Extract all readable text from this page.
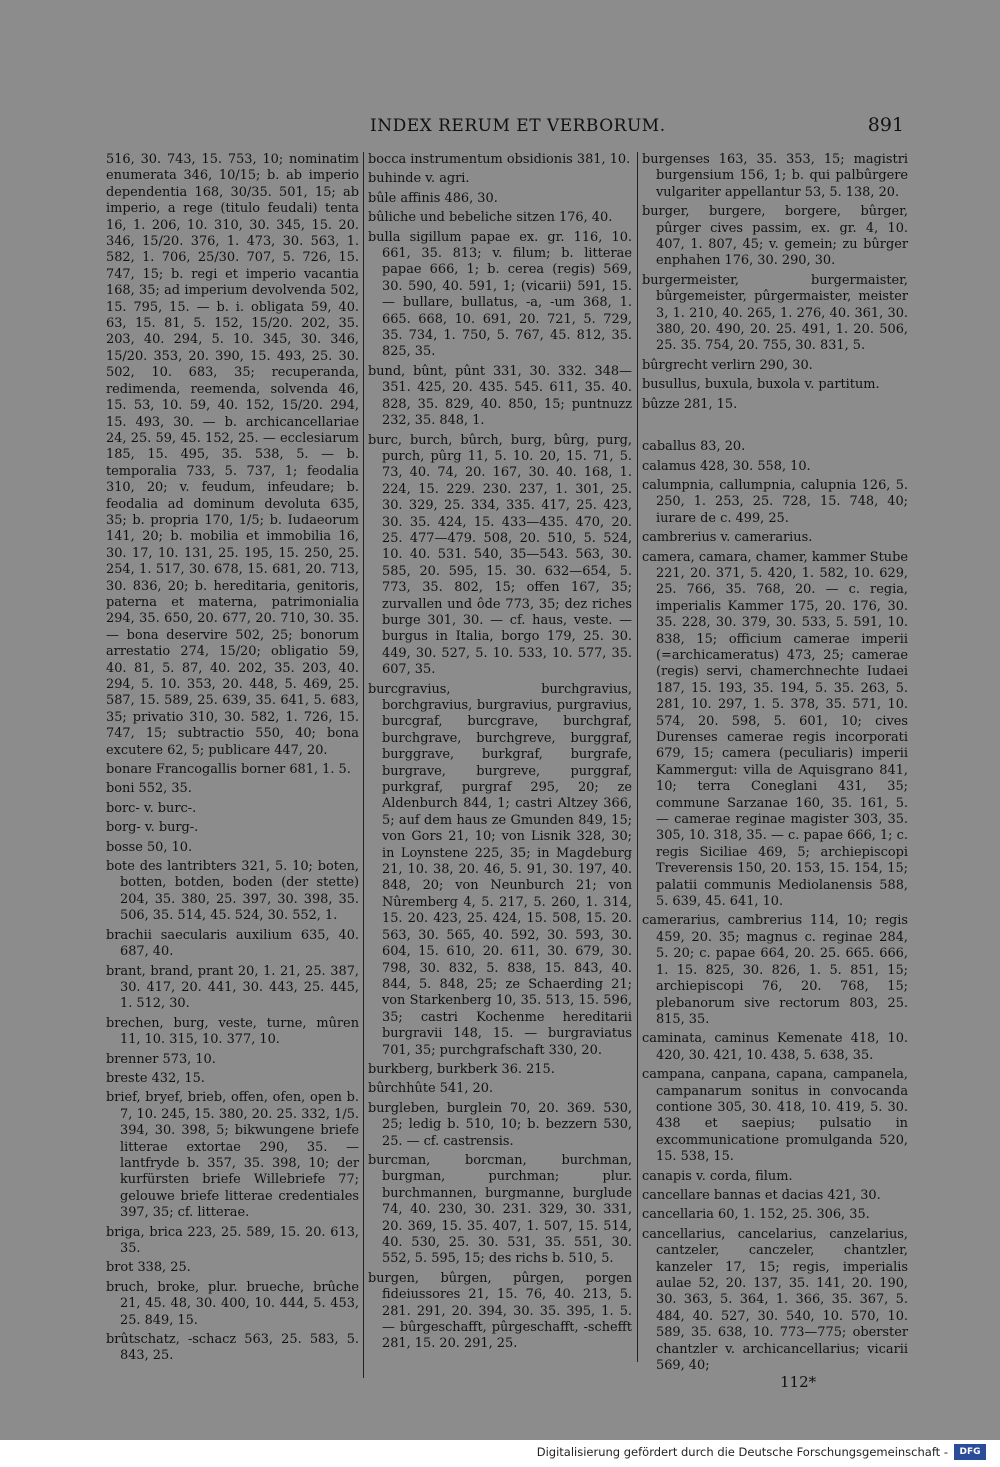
INDEX RERUM ET VERBORUM.	891

516, 30. 743, 15. 753, 10; nominatim enumerata 346, 10/15; b. ab imperio dependentia 168, 30/35. 501, 15; ab imperio, a rege (titulo feudali) tenta 16, 1. 206, 10. 310, 30. 345, 15. 20. 346, 15/20. 376, 1. 473, 30. 563, 1. 582, 1. 706, 25/30. 707, 5. 726, 15. 747, 15; b. regi et imperio vacantia 168, 35; ad imperium devolvenda 502, 15. 795, 15. — b. i. obligata 59, 40. 63, 15. 81, 5. 152, 15/20. 202, 35. 203, 40. 294, 5. 10. 345, 30. 346, 15/20. 353, 20. 390, 15. 493, 25. 30. 502, 10. 683, 35; recuperanda, redimenda, reemenda, solvenda 46, 15. 53, 10. 59, 40. 152, 15/20. 294, 15. 493, 30. — b. archicancellariae 24, 25. 59, 45. 152, 25. — ecclesiarum 185, 15. 495, 35. 538, 5. — b. temporalia 733, 5. 737, 1; feodalia 310, 20; v. feudum, infeudare; b. feodalia ad dominum devoluta 635, 35; b. propria 170, 1/5; b. Iudaeorum 141, 20; b. mobilia et immobilia 16, 30. 17, 10. 131, 25. 195, 15. 250, 25. 254, 1. 517, 30. 678, 15. 681, 20. 713, 30. 836, 20; b. hereditaria, genitoris, paterna et materna, patrimonialia 294, 35. 650, 20. 677, 20. 710, 30. 35. — bona deservire 502, 25; bonorum arrestatio 274, 15/20; obligatio 59, 40. 81, 5. 87, 40. 202, 35. 203, 40. 294, 5. 10. 353, 20. 448, 5. 469, 25. 587, 15. 589, 25. 639, 35. 641, 5. 683, 35; privatio 310, 30. 582, 1. 726, 15. 747, 15; subtractio 550, 40; bona excutere 62, 5; publicare 447, 20.

bonare Francogallis borner 681, 1. 5.

boni 552, 35.

borc- v. burc-.

borg- v. burg-.

bosse 50, 10.

bote des lantribters 321, 5. 10; boten, botten, botden, boden (der stette) 204, 35. 380, 25. 397, 30. 398, 35. 506, 35. 514, 45. 524, 30. 552, 1.

brachii saecularis auxilium 635, 40. 687, 40.

brant, brand, prant 20, 1. 21, 25. 387, 30. 417, 20. 441, 30. 443, 25. 445, 1. 512, 30.

brechen, burg, veste, turne, mûren 11, 10. 315, 10. 377, 10.

brenner 573, 10.

breste 432, 15.

brief, bryef, brieb, offen, ofen, open b. 7, 10. 245, 15. 380, 20. 25. 332, 1/5. 394, 30. 398, 5; bikwungene briefe litterae extortae 290, 35. — lantfryde b. 357, 35. 398, 10; der kurfürsten briefe Willebriefe 77; gelouwe briefe litterae credentiales 397, 35; cf. litterae.

briga, brica 223, 25. 589, 15. 20. 613, 35.

brot 338, 25.

bruch, broke, plur. brueche, brûche 21, 45. 48, 30. 400, 10. 444, 5. 453, 25. 849, 15.

brûtschatz, -schacz 563, 25. 583, 5. 843, 25.

bocca instrumentum obsidionis 381, 10.

buhinde v. agri.

bûle affinis 486, 30.

bûliche und bebeliche sitzen 176, 40.

bulla sigillum papae ex. gr. 116, 10. 661, 35. 813; v. filum; b. litterae papae 666, 1; b. cerea (regis) 569, 30. 590, 40. 591, 1; (vicarii) 591, 15. — bullare, bullatus, -a, -um 368, 1. 665. 668, 10. 691, 20. 721, 5. 729, 35. 734, 1. 750, 5. 767, 45. 812, 35. 825, 35.

bund, bûnt, pûnt 331, 30. 332. 348—351. 425, 20. 435. 545. 611, 35. 40. 828, 35. 829, 40. 850, 15; puntnuzz 232, 35. 848, 1.

burc, burch, bûrch, burg, bûrg, purg, purch, pûrg 11, 5. 10. 20, 15. 71, 5. 73, 40. 74, 20. 167, 30. 40. 168, 1. 224, 15. 229. 230. 237, 1. 301, 25. 30. 329, 25. 334, 335. 417, 25. 423, 30. 35. 424, 15. 433—435. 470, 20. 25. 477—479. 508, 20. 510, 5. 524, 10. 40. 531. 540, 35—543. 563, 30. 585, 20. 595, 15. 30. 632—654, 5. 773, 35. 802, 15; offen 167, 35; zurvallen und ôde 773, 35; dez riches burge 301, 30. — cf. haus, veste. — burgus in Italia, borgo 179, 25. 30. 449, 30. 527, 5. 10. 533, 10. 577, 35. 607, 35.

burcgravius, burchgravius, borchgravius, burgravius, purgravius, burcgraf, burcgrave, burchgraf, burchgrave, burchgreve, burggraf, burggrave, burkgraf, burgrafe, burgrave, burgreve, purggraf, purkgraf, purgraf 295, 20; ze Aldenburch 844, 1; castri Altzey 366, 5; auf dem haus ze Gmunden 849, 15; von Gors 21, 10; von Lisnik 328, 30; in Loynstene 225, 35; in Magdeburg 21, 10. 38, 20. 46, 5. 91, 30. 197, 40. 848, 20; von Neunburch 21; von Nûremberg 4, 5. 217, 5. 260, 1. 314, 15. 20. 423, 25. 424, 15. 508, 15. 20. 563, 30. 565, 40. 592, 30. 593, 30. 604, 15. 610, 20. 611, 30. 679, 30. 798, 30. 832, 5. 838, 15. 843, 40. 844, 5. 848, 25; ze Schaerding 21; von Starkenberg 10, 35. 513, 15. 596, 35; castri Kochenme hereditarii burgravii 148, 15. — burgraviatus 701, 35; purchgrafschaft 330, 20.

burkberg, burkberk 36. 215.

bûrchhûte 541, 20.

burgleben, burglein 70, 20. 369. 530, 25; ledig b. 510, 10; b. bezzern 530, 25. — cf. castrensis.

burcman, borcman, burchman, burgman, purchman; plur. burchmannen, burgmanne, burglude 74, 40. 230, 30. 231. 329, 30. 331, 20. 369, 15. 35. 407, 1. 507, 15. 514, 40. 530, 25. 30. 531, 35. 551, 30. 552, 5. 595, 15; des richs b. 510, 5.

burgen, bûrgen, pûrgen, porgen fideiussores 21, 15. 76, 40. 213, 5. 281. 291, 20. 394, 30. 35. 395, 1. 5. — bûrgeschafft, pûrgeschafft, -schefft 281, 15. 20. 291, 25.

burgenses 163, 35. 353, 15; magistri burgensium 156, 1; b. qui palbûrgere vulgariter appellantur 53, 5. 138, 20.

burger, burgere, borgere, bûrger, pûrger cives passim, ex. gr. 4, 10. 407, 1. 807, 45; v. gemein; zu bûrger enphahen 176, 30. 290, 30.

burgermeister, burgermaister, bûrgemeister, pûrgermaister, meister 3, 1. 210, 40. 265, 1. 276, 40. 361, 30. 380, 20. 490, 20. 25. 491, 1. 20. 506, 25. 35. 754, 20. 755, 30. 831, 5.

bûrgrecht verlirn 290, 30.

busullus, buxula, buxola v. partitum.

bûzze 281, 15.

caballus 83, 20.

calamus 428, 30. 558, 10.

calumpnia, callumpnia, calupnia 126, 5. 250, 1. 253, 25. 728, 15. 748, 40; iurare de c. 499, 25.

cambrerius v. camerarius.

camera, camara, chamer, kammer Stube 221, 20. 371, 5. 420, 1. 582, 10. 629, 25. 766, 35. 768, 20. — c. regia, imperialis Kammer 175, 20. 176, 30. 35. 228, 30. 379, 30. 533, 5. 591, 10. 838, 15; officium camerae imperii (=archicameratus) 473, 25; camerae (regis) servi, chamerchnechte Iudaei 187, 15. 193, 35. 194, 5. 35. 263, 5. 281, 10. 297, 1. 5. 378, 35. 571, 10. 574, 20. 598, 5. 601, 10; cives Durenses camerae regis incorporati 679, 15; camera (peculiaris) imperii Kammergut: villa de Aquisgrano 841, 10; terra Coneglani 431, 35; commune Sarzanae 160, 35. 161, 5. — camerae reginae magister 303, 35. 305, 10. 318, 35. — c. papae 666, 1; c. regis Siciliae 469, 5; archiepiscopi Treverensis 150, 20. 153, 15. 154, 15; palatii communis Mediolanensis 588, 5. 639, 45. 641, 10.

camerarius, cambrerius 114, 10; regis 459, 20. 35; magnus c. reginae 284, 5. 20; c. papae 664, 20. 25. 665. 666, 1. 15. 825, 30. 826, 1. 5. 851, 15; archiepiscopi 76, 20. 768, 15; plebanorum sive rectorum 803, 25. 815, 35.

caminata, caminus Kemenate 418, 10. 420, 30. 421, 10. 438, 5. 638, 35.

campana, canpana, capana, campanela, campanarum sonitus in convocanda contione 305, 30. 418, 10. 419, 5. 30. 438 et saepius; pulsatio in excommunicatione promulganda 520, 15. 538, 15.

canapis v. corda, filum.

cancellare bannas et dacias 421, 30.

cancellaria 60, 1. 152, 25. 306, 35.

cancellarius, cancelarius, canzelarius, cantzeler, canczeler, chantzler, kanzeler 17, 15; regis, imperialis aulae 52, 20. 137, 35. 141, 20. 190, 30. 363, 5. 364, 1. 366, 35. 367, 5. 484, 40. 527, 30. 540, 10. 570, 10. 589, 35. 638, 10. 773—775; oberster chantzler v. archicancellarius; vicarii 569, 40;

112*
Digitalisierung gefördert durch die Deutsche Forschungsgemeinschaft -	DFG
